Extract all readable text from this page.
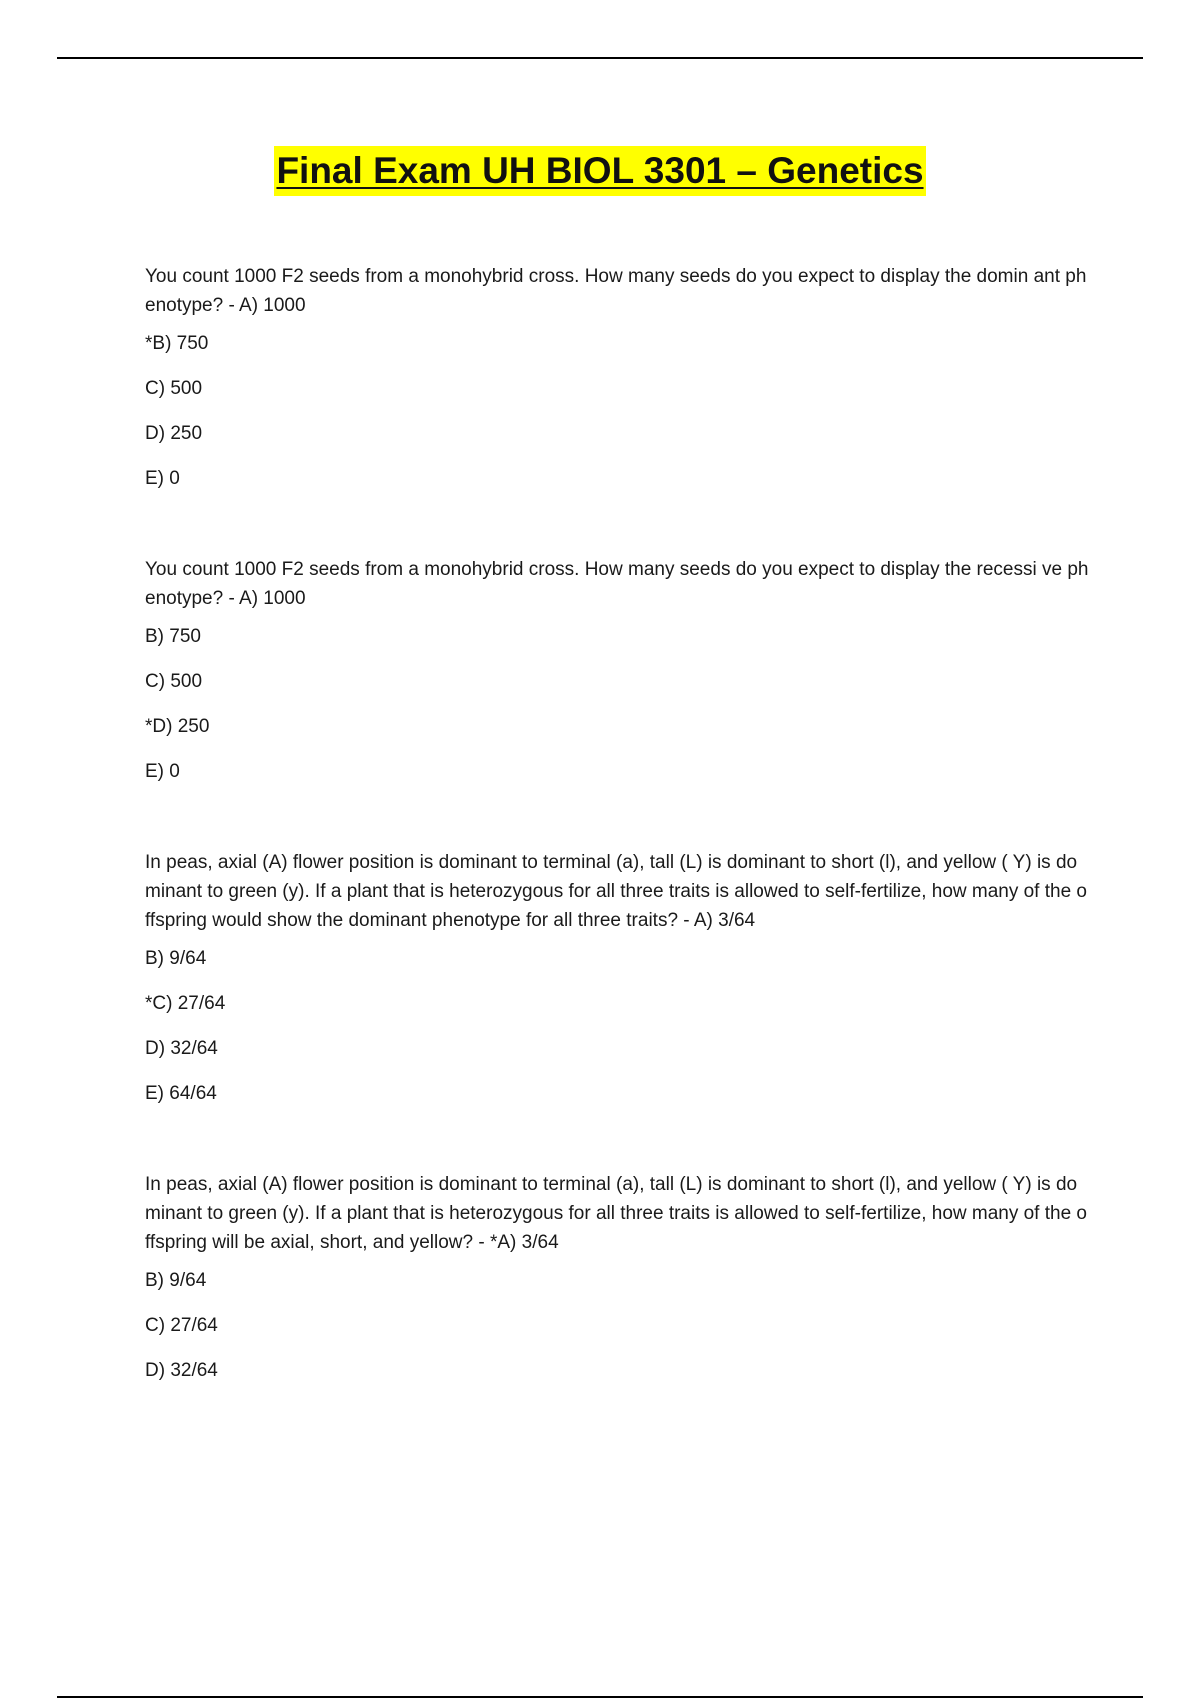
Final Exam UH BIOL 3301 – Genetics

You count 1000 F2 seeds from a monohybrid cross. How many seeds do you expect to display the domin ant phenotype? - A) 1000

*B) 750
C) 500
D) 250
E) 0

You count 1000 F2 seeds from a monohybrid cross. How many seeds do you expect to display the recessi ve phenotype? - A) 1000

B) 750
C) 500
*D) 250
E) 0

In peas, axial (A) flower position is dominant to terminal (a), tall (L) is dominant to short (l), and yellow ( Y) is dominant to green (y). If a plant that is heterozygous for all three traits is allowed to self-fertilize, how many of the offspring would show the dominant phenotype for all three traits? - A) 3/64

B) 9/64
*C) 27/64
D) 32/64
E) 64/64

In peas, axial (A) flower position is dominant to terminal (a), tall (L) is dominant to short (l), and yellow ( Y) is dominant to green (y). If a plant that is heterozygous for all three traits is allowed to self-fertilize, how many of the offspring will be axial, short, and yellow? - *A) 3/64

B) 9/64
C) 27/64
D) 32/64
